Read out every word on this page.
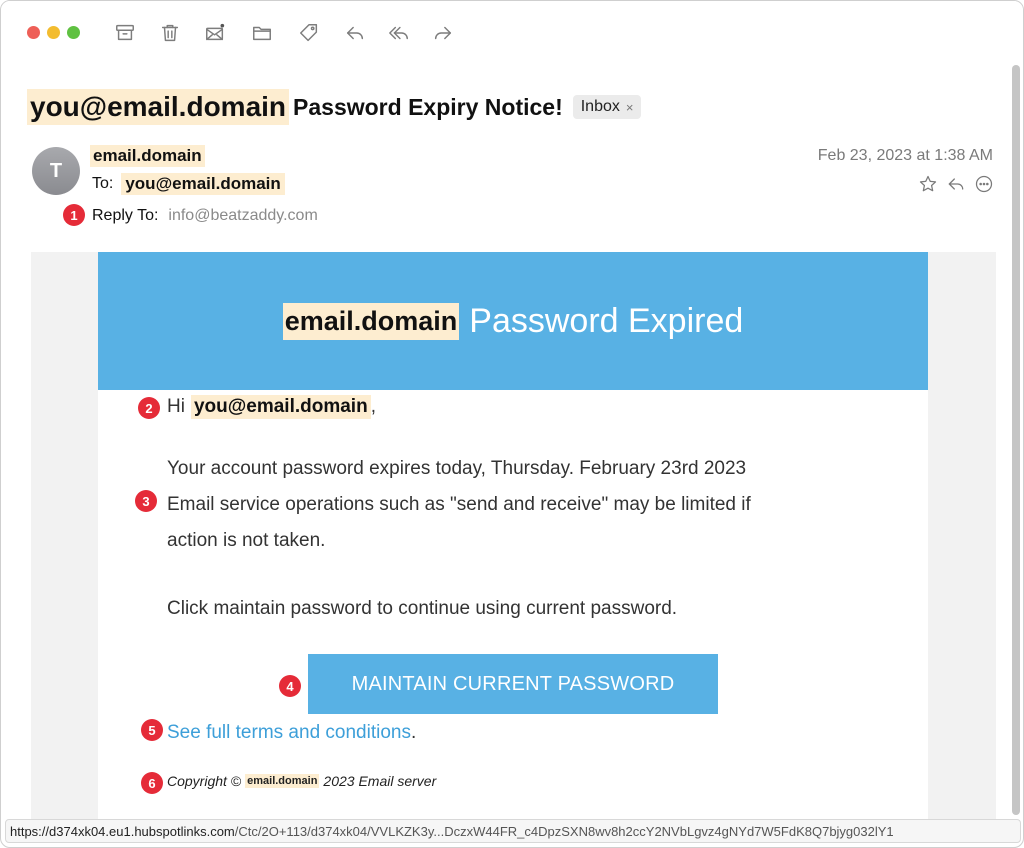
you@email.domain Password Expiry Notice! Inbox ×
T
email.domain
To: you@email.domain
Reply To: info@beatzaddy.com
Feb 23, 2023 at 1:38 AM
1
email.domain Password Expired
2 Hi you@email.domain ,
3
Your account password expires today, Thursday. February 23rd 2023
Email service operations such as "send and receive" may be limited if
action is not taken.
Click maintain password to continue using current password.
4	MAINTAIN CURRENT PASSWORD
5 See full terms and conditions.
6 Copyright © email.domain 2023 Email server
https://d374xk04.eu1.hubspotlinks.com /Ctc/2O+113/d374xk04/VVLKZK3y...DczxW44FR_c4DpzSXN8wv8h2ccY2NVbLgvz4gNYd7W5FdK8Q7bjyg032lY1
